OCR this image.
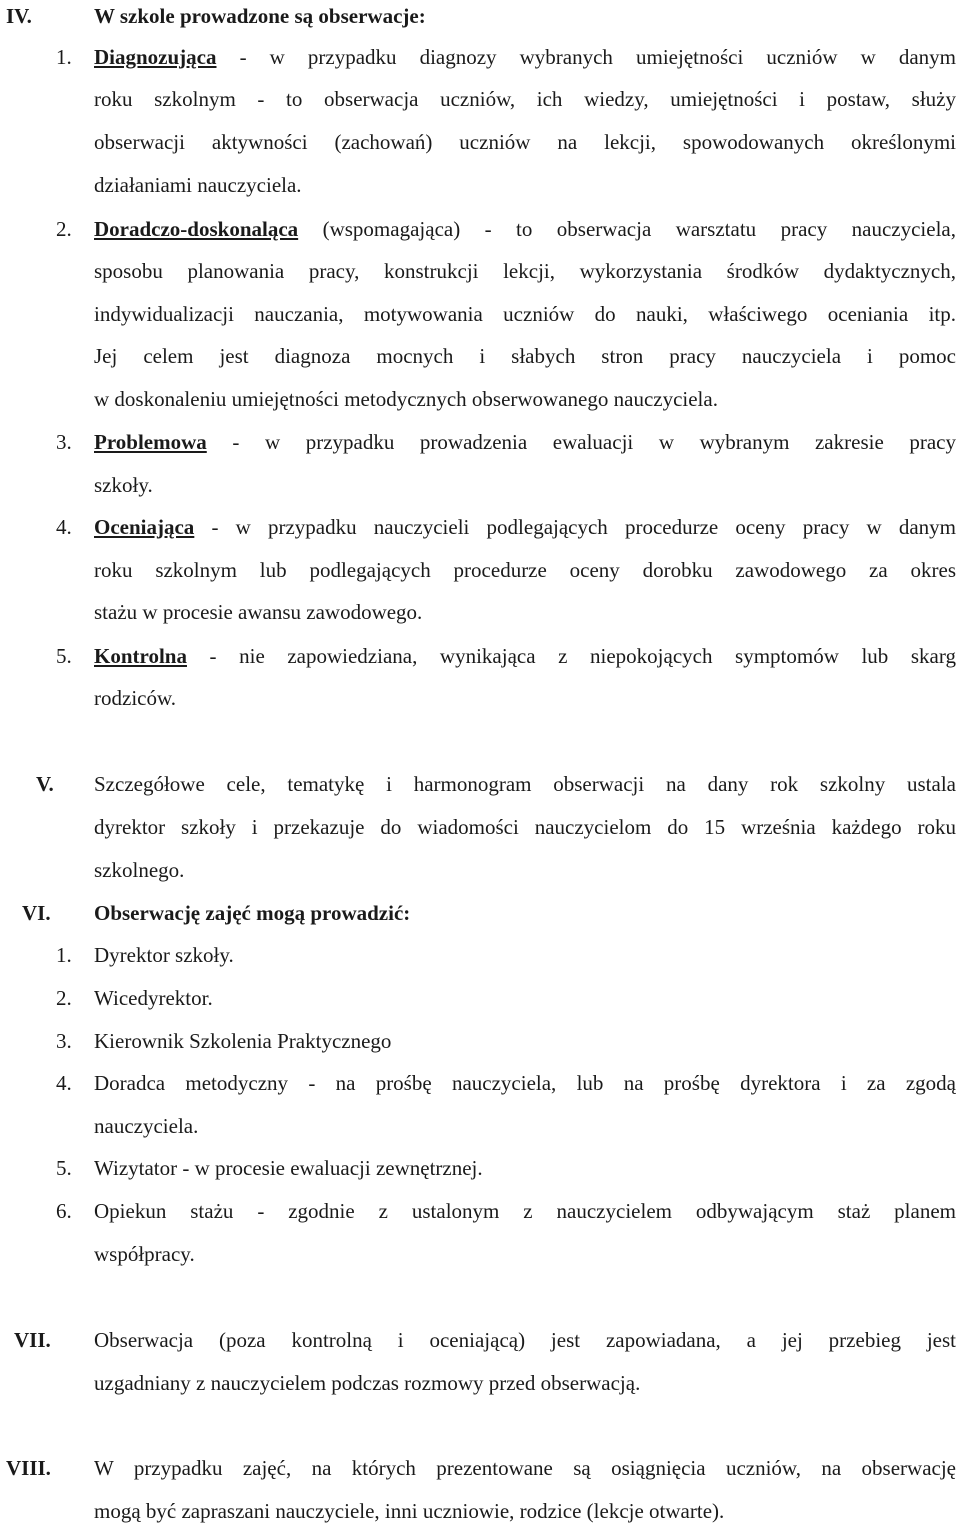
IV.	W szkole prowadzone są obserwacje:
1.	Diagnozująca - w przypadku diagnozy wybranych umiejętności uczniów w danym
roku szkolnym - to obserwacja uczniów, ich wiedzy, umiejętności i postaw, służy
obserwacji aktywności (zachowań) uczniów na lekcji, spowodowanych określonymi
działaniami nauczyciela.
2.	Doradczo-doskonaląca (wspomagająca) - to obserwacja warsztatu pracy nauczyciela,
sposobu planowania pracy, konstrukcji lekcji, wykorzystania środków dydaktycznych,
indywidualizacji nauczania, motywowania uczniów do nauki, właściwego oceniania itp.
Jej celem jest diagnoza mocnych i słabych stron pracy nauczyciela i pomoc
w doskonaleniu umiejętności metodycznych obserwowanego nauczyciela.
3.	Problemowa - w przypadku prowadzenia ewaluacji w wybranym zakresie pracy
szkoły.
4.	Oceniająca - w przypadku nauczycieli podlegających procedurze oceny pracy w danym
roku szkolnym lub podlegających procedurze oceny dorobku zawodowego za okres
stażu w procesie awansu zawodowego.
5.	Kontrolna - nie zapowiedziana, wynikająca z niepokojących symptomów lub skarg
rodziców.
V. Szczegółowe cele, tematykę i harmonogram obserwacji na dany rok szkolny ustala
dyrektor szkoły i przekazuje do wiadomości nauczycielom do 15 września każdego roku
szkolnego.
VI. Obserwację zajęć mogą prowadzić:
1.	Dyrektor szkoły.
2.	Wicedyrektor.
3.	Kierownik Szkolenia Praktycznego
4.	Doradca metodyczny - na prośbę nauczyciela, lub na prośbę dyrektora i za zgodą
nauczyciela.
5.	Wizytator - w procesie ewaluacji zewnętrznej.
6.	Opiekun stażu - zgodnie z ustalonym z nauczycielem odbywającym staż planem
współpracy.
VII. Obserwacja (poza kontrolną i oceniającą) jest zapowiadana, a jej przebieg jest
uzgadniany z nauczycielem podczas rozmowy przed obserwacją.
VIII. W przypadku zajęć, na których prezentowane są osiągnięcia uczniów, na obserwację
mogą być zapraszani nauczyciele, inni uczniowie, rodzice (lekcje otwarte).
